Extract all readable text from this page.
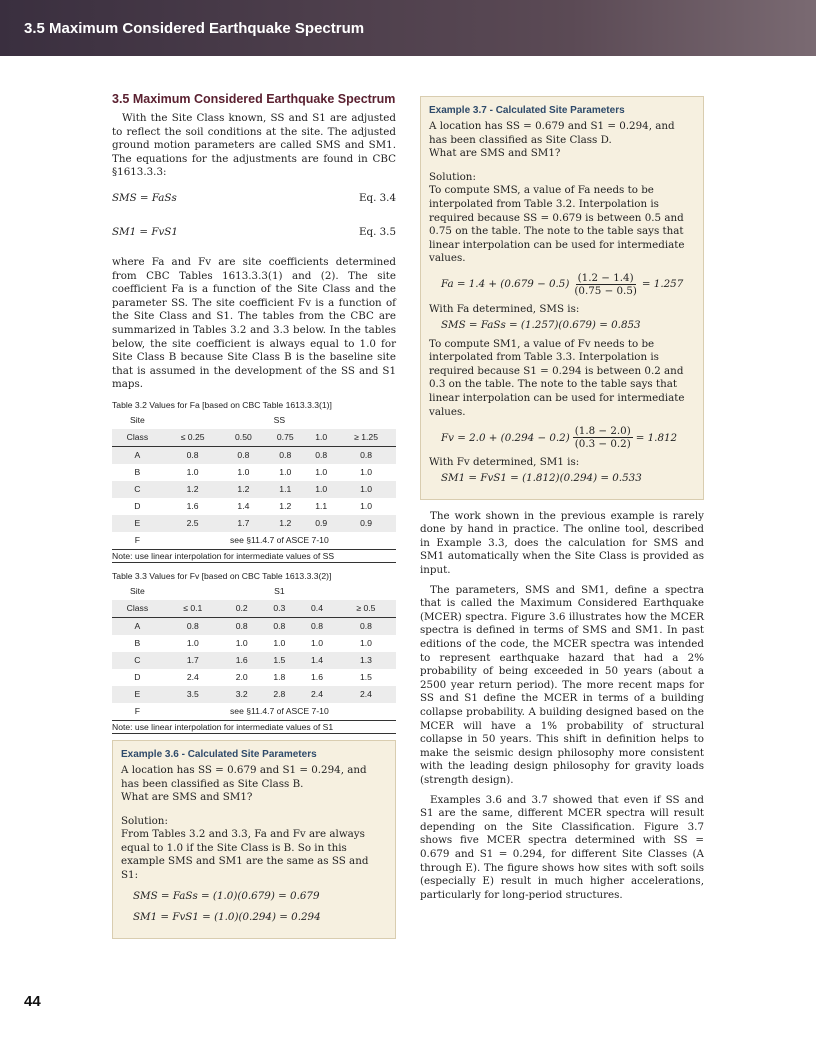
3.5 Maximum Considered Earthquake Spectrum
3.5 Maximum Considered Earthquake Spectrum

With the Site Class known, SS and S1 are adjusted to reflect the soil conditions at the site. The adjusted ground motion parameters are called SMS and SM1. The equations for the adjustments are found in CBC §1613.3.3:

SMS = FaSs	Eq. 3.4
SM1 = FvS1	Eq. 3.5

where Fa and Fv are site coefficients determined from CBC Tables 1613.3.3(1) and (2). The site coefficient Fa is a function of the Site Class and the parameter SS. The site coefficient Fv is a function of the Site Class and S1. The tables from the CBC are summarized in Tables 3.2 and 3.3 below. In the tables below, the site coefficient is always equal to 1.0 for Site Class B because Site Class B is the baseline site that is assumed in the development of the SS and S1 maps.

Table 3.2 Values for Fa [based on CBC Table 1613.3.3(1)]
Site	SS				
Class	≤ 0.25	0.50	0.75	1.0	≥ 1.25
A	0.8	0.8	0.8	0.8	0.8
B	1.0	1.0	1.0	1.0	1.0
C	1.2	1.2	1.1	1.0	1.0
D	1.6	1.4	1.2	1.1	1.0
E	2.5	1.7	1.2	0.9	0.9
F	see §11.4.7 of ASCE 7-10				
Note: use linear interpolation for intermediate values of SS
Table 3.3 Values for Fv [based on CBC Table 1613.3.3(2)]
Site	S1				
Class	≤ 0.1	0.2	0.3	0.4	≥ 0.5
A	0.8	0.8	0.8	0.8	0.8
B	1.0	1.0	1.0	1.0	1.0
C	1.7	1.6	1.5	1.4	1.3
D	2.4	2.0	1.8	1.6	1.5
E	3.5	3.2	2.8	2.4	2.4
F	see §11.4.7 of ASCE 7-10				
Note: use linear interpolation for intermediate values of S1
Example 3.6 - Calculated Site Parameters

A location has SS = 0.679 and S1 = 0.294, and has been classified as Site Class B.

What are SMS and SM1?

Solution:

From Tables 3.2 and 3.3, Fa and Fv are always equal to 1.0 if the Site Class is B. So in this example SMS and SM1 are the same as SS and S1:

SMS = FaSs = (1.0)(0.679) = 0.679
SM1 = FvS1 = (1.0)(0.294) = 0.294
Example 3.7 - Calculated Site Parameters

A location has SS = 0.679 and S1 = 0.294, and has been classified as Site Class D.

What are SMS and SM1?

Solution:

To compute SMS, a value of Fa needs to be interpolated from Table 3.2. Interpolation is required because SS = 0.679 is between 0.5 and 0.75 on the table. The note to the table says that linear interpolation can be used for intermediate values.

$Fa = 1.4 + (0.679 - 0.5) \frac{(1.2 - 1.4)}{(0.75 - 0.5)} = 1.257$

With Fa determined, SMS is:

SMS = FaSs = (1.257)(0.679) = 0.853

To compute SM1, a value of Fv needs to be interpolated from Table 3.3. Interpolation is required because S1 = 0.294 is between 0.2 and 0.3 on the table. The note to the table says that linear interpolation can be used for intermediate values.

$Fv = 2.0 + (0.294 - 0.2) \frac{(1.8 - 2.0)}{(0.3 - 0.2)} = 1.812$

With Fv determined, SM1 is:

SM1 = FvS1 = (1.812)(0.294) = 0.533

The work shown in the previous example is rarely done by hand in practice. The online tool, described in Example 3.3, does the calculation for SMS and SM1 automatically when the Site Class is provided as input.

The parameters, SMS and SM1, define a spectra that is called the Maximum Considered Earthquake (MCER) spectra. Figure 3.6 illustrates how the MCER spectra is defined in terms of SMS and SM1. In past editions of the code, the MCER spectra was intended to represent earthquake hazard that had a 2% probability of being exceeded in 50 years (about a 2500 year return period). The more recent maps for SS and S1 define the MCER in terms of a building collapse probability. A building designed based on the MCER will have a 1% probability of structural collapse in 50 years. This shift in definition helps to make the seismic design philosophy more consistent with the leading design philosophy for gravity loads (strength design).

Examples 3.6 and 3.7 showed that even if SS and S1 are the same, different MCER spectra will result depending on the Site Classification. Figure 3.7 shows five MCER spectra determined with SS = 0.679 and S1 = 0.294, for different Site Classes (A through E). The figure shows how sites with soft soils (especially E) result in much higher accelerations, particularly for long-period structures.

44
